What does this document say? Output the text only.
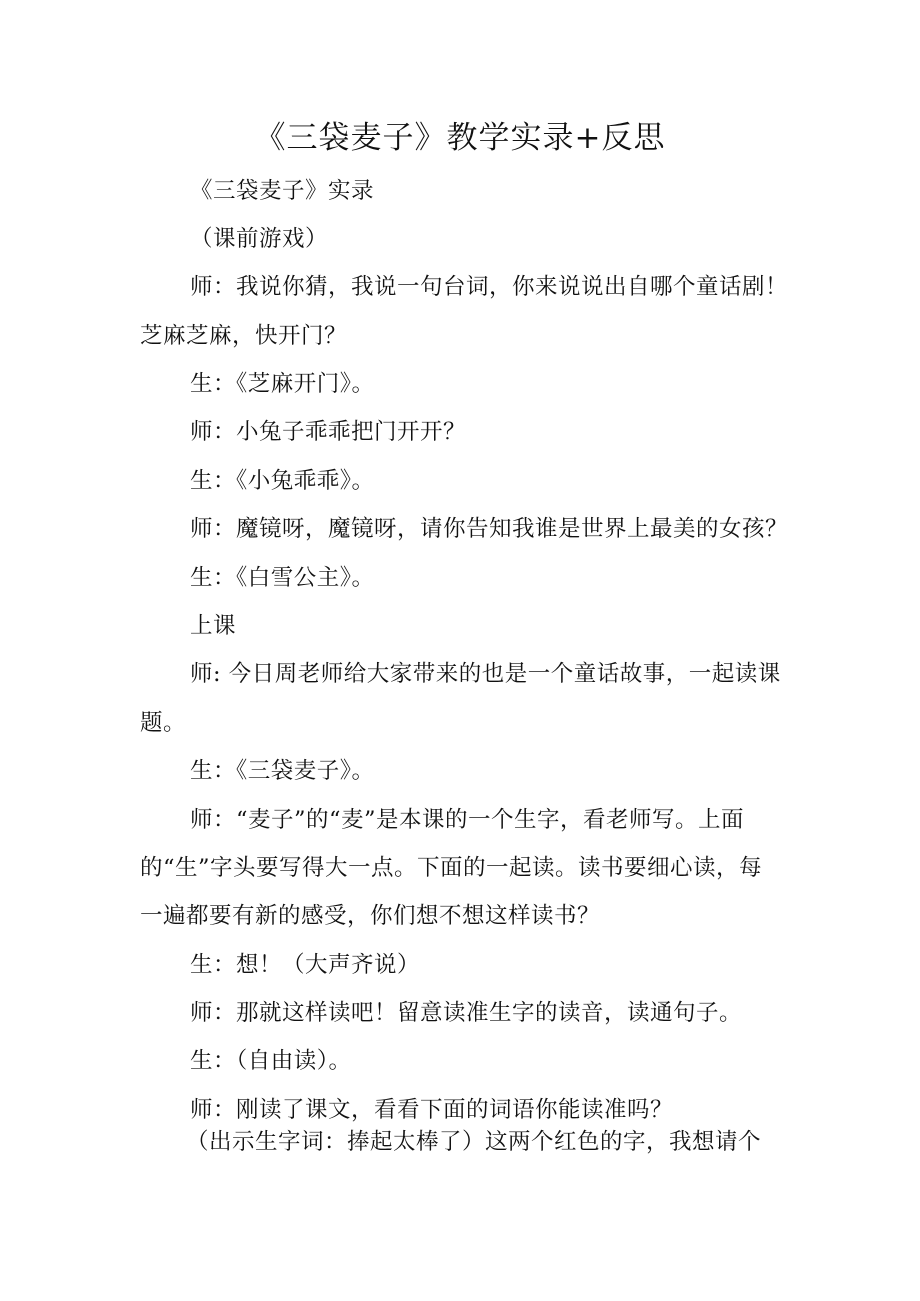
《三袋麦子》教学实录+反思
《三袋麦子》实录
（课前游戏）
师：我说你猜，我说一句台词，你来说说出自哪个童话剧！
芝麻芝麻，快开门？
生：《芝麻开门》。
师：小兔子乖乖把门开开？
生：《小兔乖乖》。
师：魔镜呀，魔镜呀，请你告知我谁是世界上最美的女孩？
生：《白雪公主》。
上课
师: 今日周老师给大家带来的也是一个童话故事，一起读课
题。
生：《三袋麦子》。
师：“麦子”的“麦”是本课的一个生字，看老师写。上面
的“生”字头要写得大一点。下面的一起读。读书要细心读，每
一遍都要有新的感受，你们想不想这样读书？
生：想！（大声齐说）
师：那就这样读吧！留意读准生字的读音，读通句子。
生：（自由读）。
师：刚读了课文，看看下面的词语你能读准吗？
（出示生字词：捧起太棒了）这两个红色的字，我想请个
